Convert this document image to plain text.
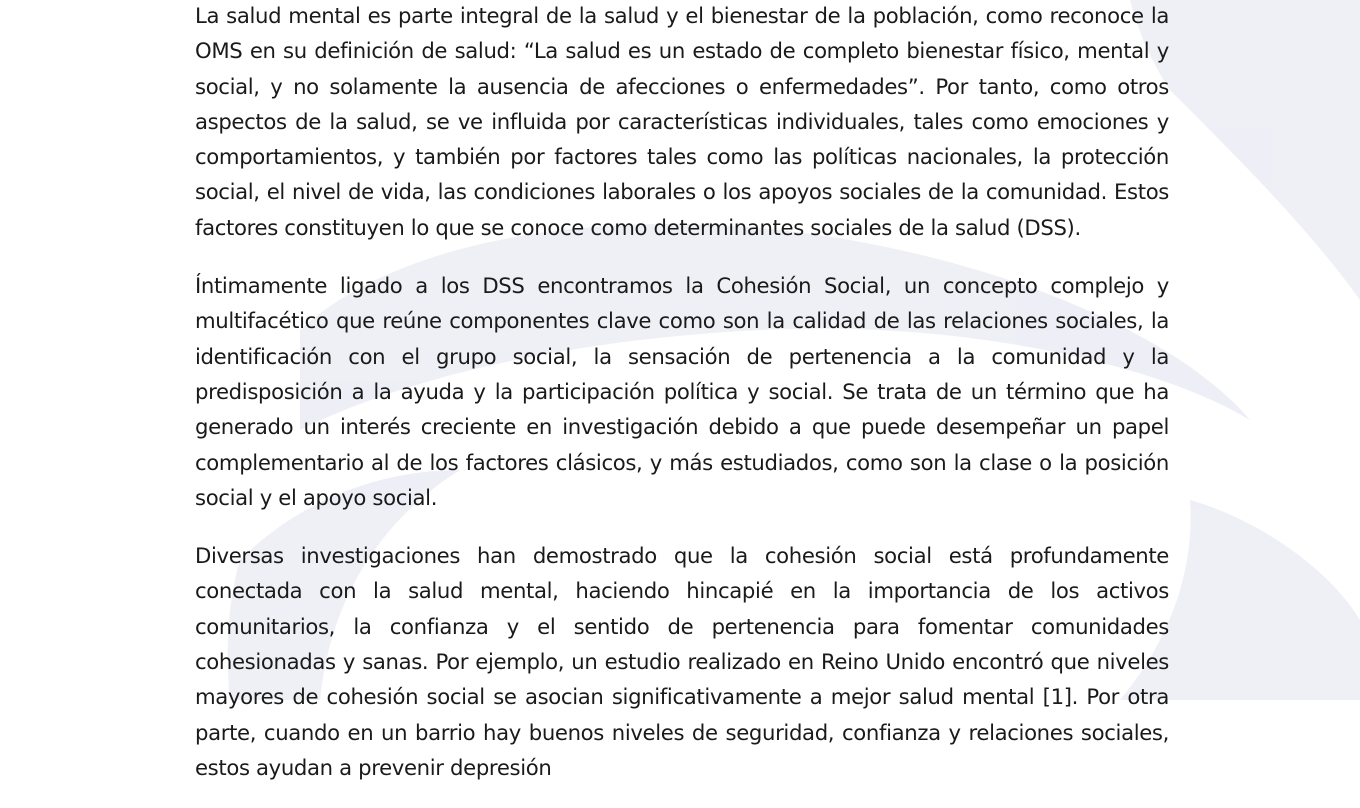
La salud mental es parte integral de la salud y el bienestar de la población, como reconoce la OMS en su definición de salud: “La salud es un estado de completo bienestar físico, mental y social, y no solamente la ausencia de afecciones o enfermedades”. Por tanto, como otros aspectos de la salud, se ve influida por características individuales, tales como emociones y comportamientos, y también por factores tales como las políticas nacionales, la protección social, el nivel de vida, las condiciones laborales o los apoyos sociales de la comunidad. Estos factores constituyen lo que se conoce como determinantes sociales de la salud (DSS).

Íntimamente ligado a los DSS encontramos la Cohesión Social, un concepto complejo y multifacético que reúne componentes clave como son la calidad de las relaciones sociales, la identificación con el grupo social, la sensación de pertenencia a la comunidad y la predisposición a la ayuda y la participación política y social. Se trata de un término que ha generado un interés creciente en investigación debido a que puede desempeñar un papel complementario al de los factores clásicos, y más estudiados, como son la clase o la posición social y el apoyo social.

Diversas investigaciones han demostrado que la cohesión social está profundamente conectada con la salud mental, haciendo hincapié en la importancia de los activos comunitarios, la confianza y el sentido de pertenencia para fomentar comunidades cohesionadas y sanas. Por ejemplo, un estudio realizado en Reino Unido encontró que niveles mayores de cohesión social se asocian significativamente a mejor salud mental [1]. Por otra parte, cuando en un barrio hay buenos niveles de seguridad, confianza y relaciones sociales, estos ayudan a prevenir depresión
